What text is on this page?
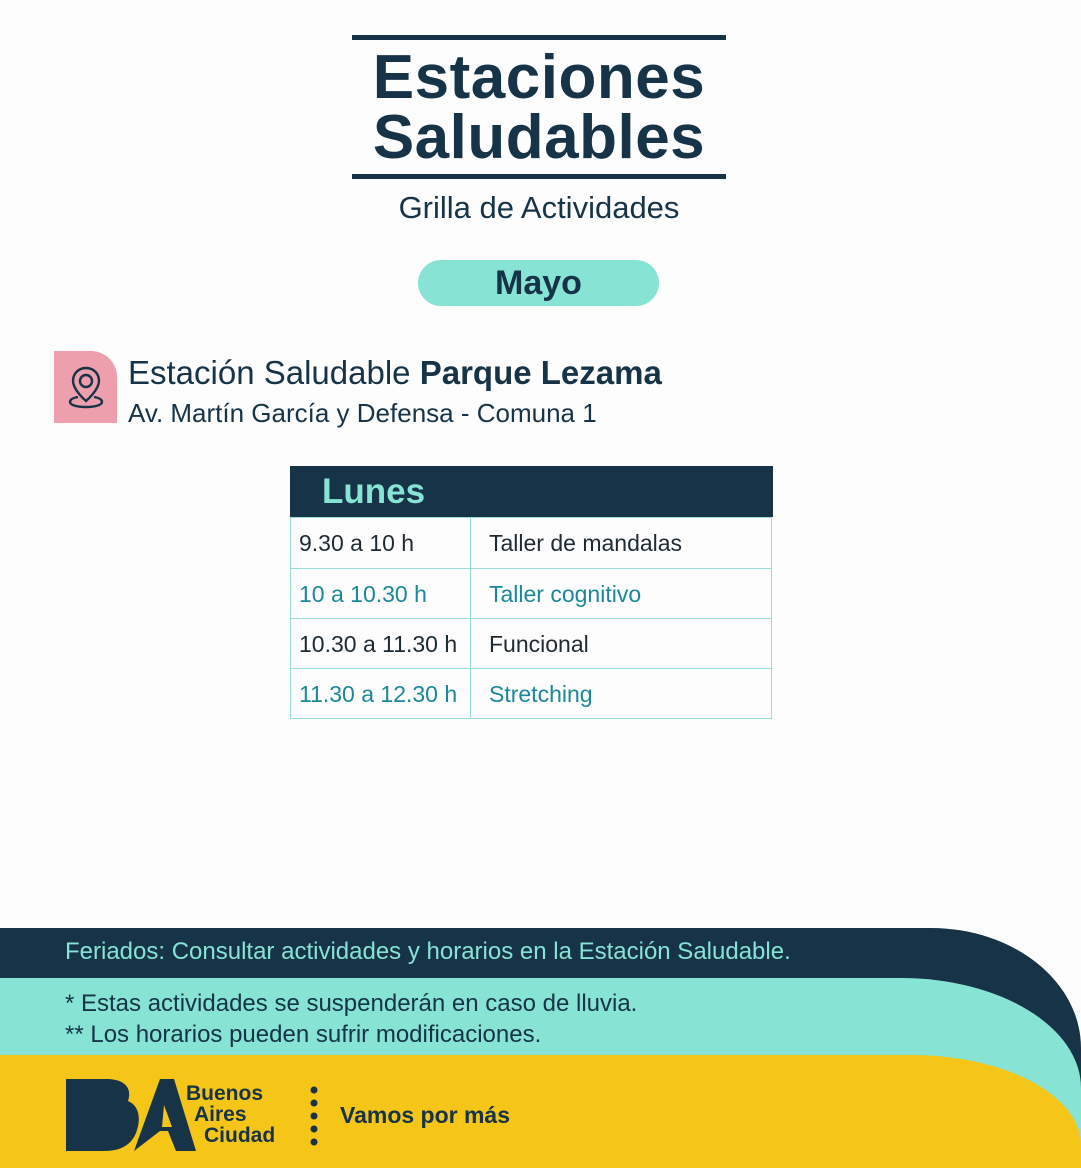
Estaciones
Saludables
Grilla de Actividades
Mayo
Estación Saludable Parque Lezama
Av. Martín García y Defensa - Comuna 1
Lunes
9.30 a 10 h	Taller de mandalas
10 a 10.30 h	Taller cognitivo
10.30 a 11.30 h	Funcional
11.30 a 12.30 h	Stretching
Feriados: Consultar actividades y horarios en la Estación Saludable.
* Estas actividades se suspenderán en caso de lluvia.
** Los horarios pueden sufrir modificaciones.
BA
Buenos
Aires
Ciudad
Vamos por más
